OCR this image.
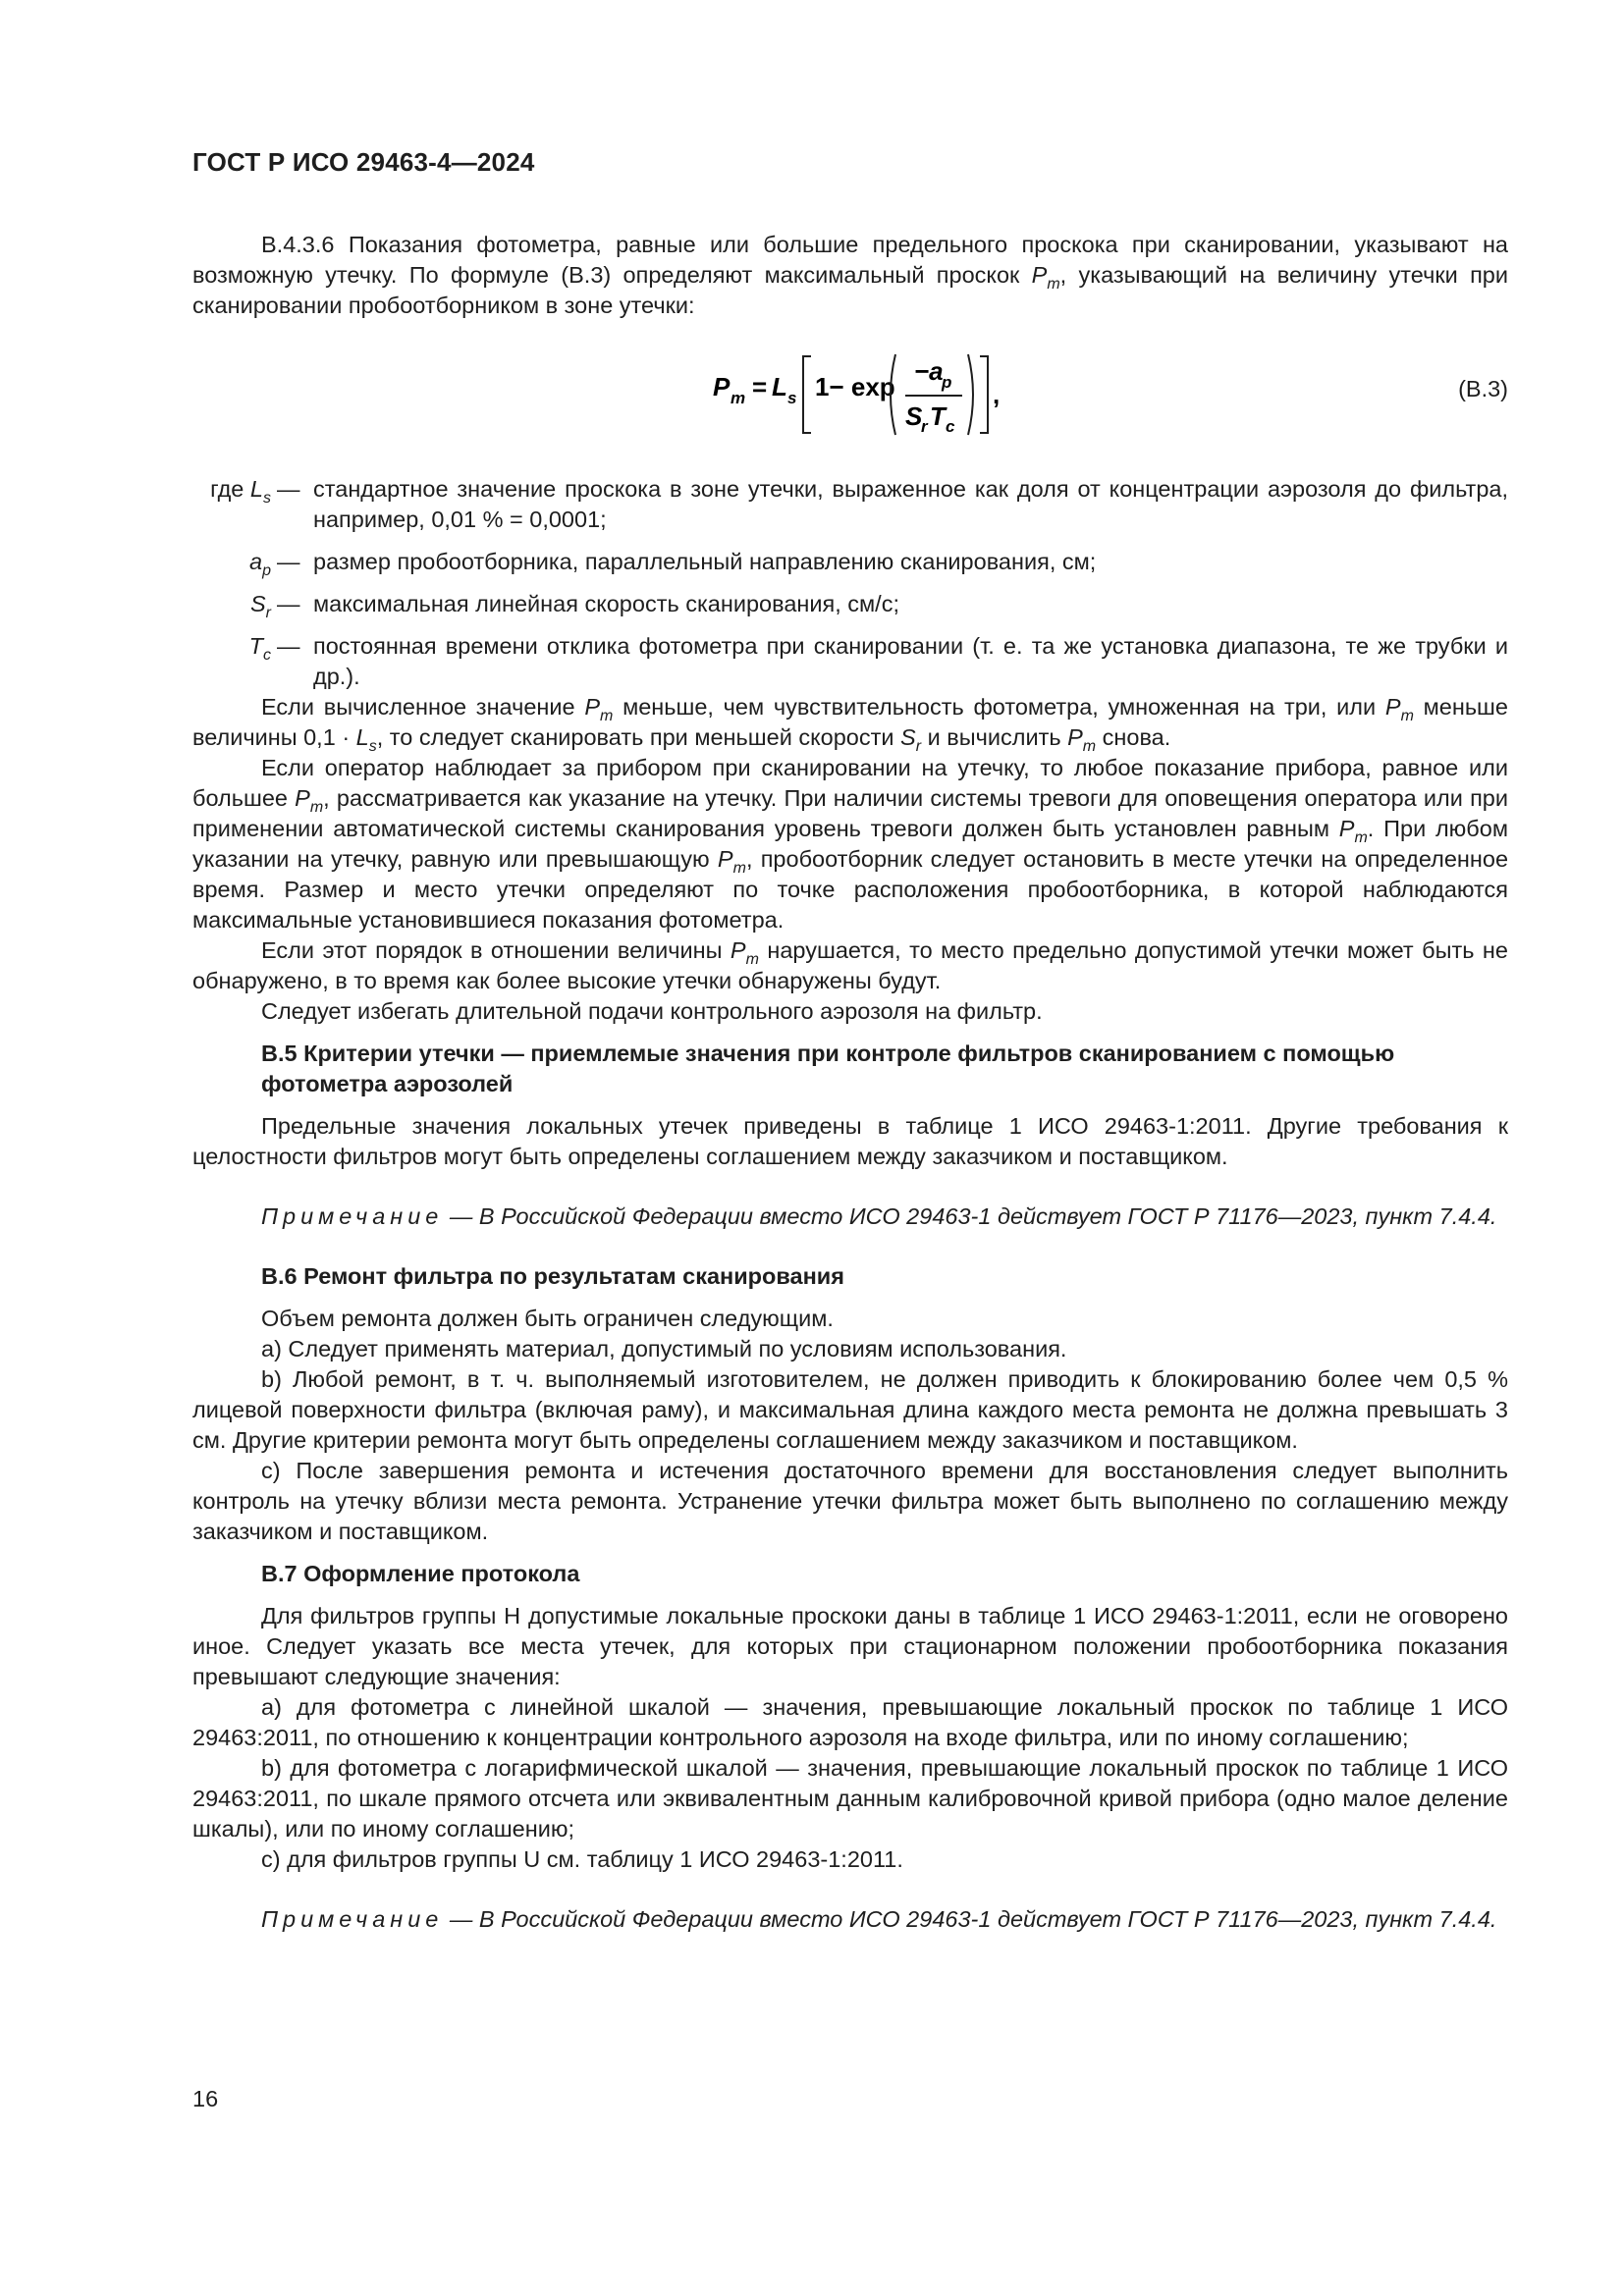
ГОСТ Р ИСО 29463-4—2024

В.4.3.6 Показания фотометра, равные или большие предельного проскока при сканировании, указывают на возможную утечку. По формуле (В.3) определяют максимальный проскок $P_m$, указывающий на величину утечки при сканировании пробоотборником в зоне утечки:

P m = L s 1− exp
−a
p
S
r T c
,	(В.3)
где $L_s$ — стандартное значение проскока в зоне утечки, выраженное как доля от концентрации аэрозоля до фильтра, например, 0,01 % = 0,0001;
$a_p$ — размер пробоотборника, параллельный направлению сканирования, см;
$S_r$ — максимальная линейная скорость сканирования, см/с;
$T_c$ — постоянная времени отклика фотометра при сканировании (т. е. та же установка диапазона, те же трубки и др.).

Если вычисленное значение $P_m$ меньше, чем чувствительность фотометра, умноженная на три, или $P_m$ меньше величины $0,1 \cdot L_s$, то следует сканировать при меньшей скорости $S_r$ и вычислить $P_m$ снова.

Если оператор наблюдает за прибором при сканировании на утечку, то любое показание прибора, равное или большее $P_m$, рассматривается как указание на утечку. При наличии системы тревоги для оповещения оператора или при применении автоматической системы сканирования уровень тревоги должен быть установлен равным $P_m$. При любом указании на утечку, равную или превышающую $P_m$, пробоотборник следует остановить в месте утечки на определенное время. Размер и место утечки определяют по точке расположения пробоотборника, в которой наблюдаются максимальные установившиеся показания фотометра.

Если этот порядок в отношении величины $P_m$ нарушается, то место предельно допустимой утечки может быть не обнаружено, в то время как более высокие утечки обнаружены будут.

Следует избегать длительной подачи контрольного аэрозоля на фильтр.

В.5 Критерии утечки — приемлемые значения при контроле фильтров сканированием с помощью фотометра аэрозолей

Предельные значения локальных утечек приведены в таблице 1 ИСО 29463-1:2011. Другие требования к целостности фильтров могут быть определены соглашением между заказчиком и поставщиком.

Примечание — В Российской Федерации вместо ИСО 29463-1 действует ГОСТ Р 71176—2023, пункт 7.4.4.

В.6 Ремонт фильтра по результатам сканирования

Объем ремонта должен быть ограничен следующим.

a) Следует применять материал, допустимый по условиям использования.

b) Любой ремонт, в т. ч. выполняемый изготовителем, не должен приводить к блокированию более чем 0,5 % лицевой поверхности фильтра (включая раму), и максимальная длина каждого места ремонта не должна превышать 3 см. Другие критерии ремонта могут быть определены соглашением между заказчиком и поставщиком.

c) После завершения ремонта и истечения достаточного времени для восстановления следует выполнить контроль на утечку вблизи места ремонта. Устранение утечки фильтра может быть выполнено по соглашению между заказчиком и поставщиком.

В.7 Оформление протокола

Для фильтров группы Н допустимые локальные проскоки даны в таблице 1 ИСО 29463-1:2011, если не оговорено иное. Следует указать все места утечек, для которых при стационарном положении пробоотборника показания превышают следующие значения:

a) для фотометра с линейной шкалой — значения, превышающие локальный проскок по таблице 1 ИСО 29463:2011, по отношению к концентрации контрольного аэрозоля на входе фильтра, или по иному соглашению;

b) для фотометра с логарифмической шкалой — значения, превышающие локальный проскок по таблице 1 ИСО 29463:2011, по шкале прямого отсчета или эквивалентным данным калибровочной кривой прибора (одно малое деление шкалы), или по иному соглашению;

c) для фильтров группы U см. таблицу 1 ИСО 29463-1:2011.

Примечание — В Российской Федерации вместо ИСО 29463-1 действует ГОСТ Р 71176—2023, пункт 7.4.4.

16
